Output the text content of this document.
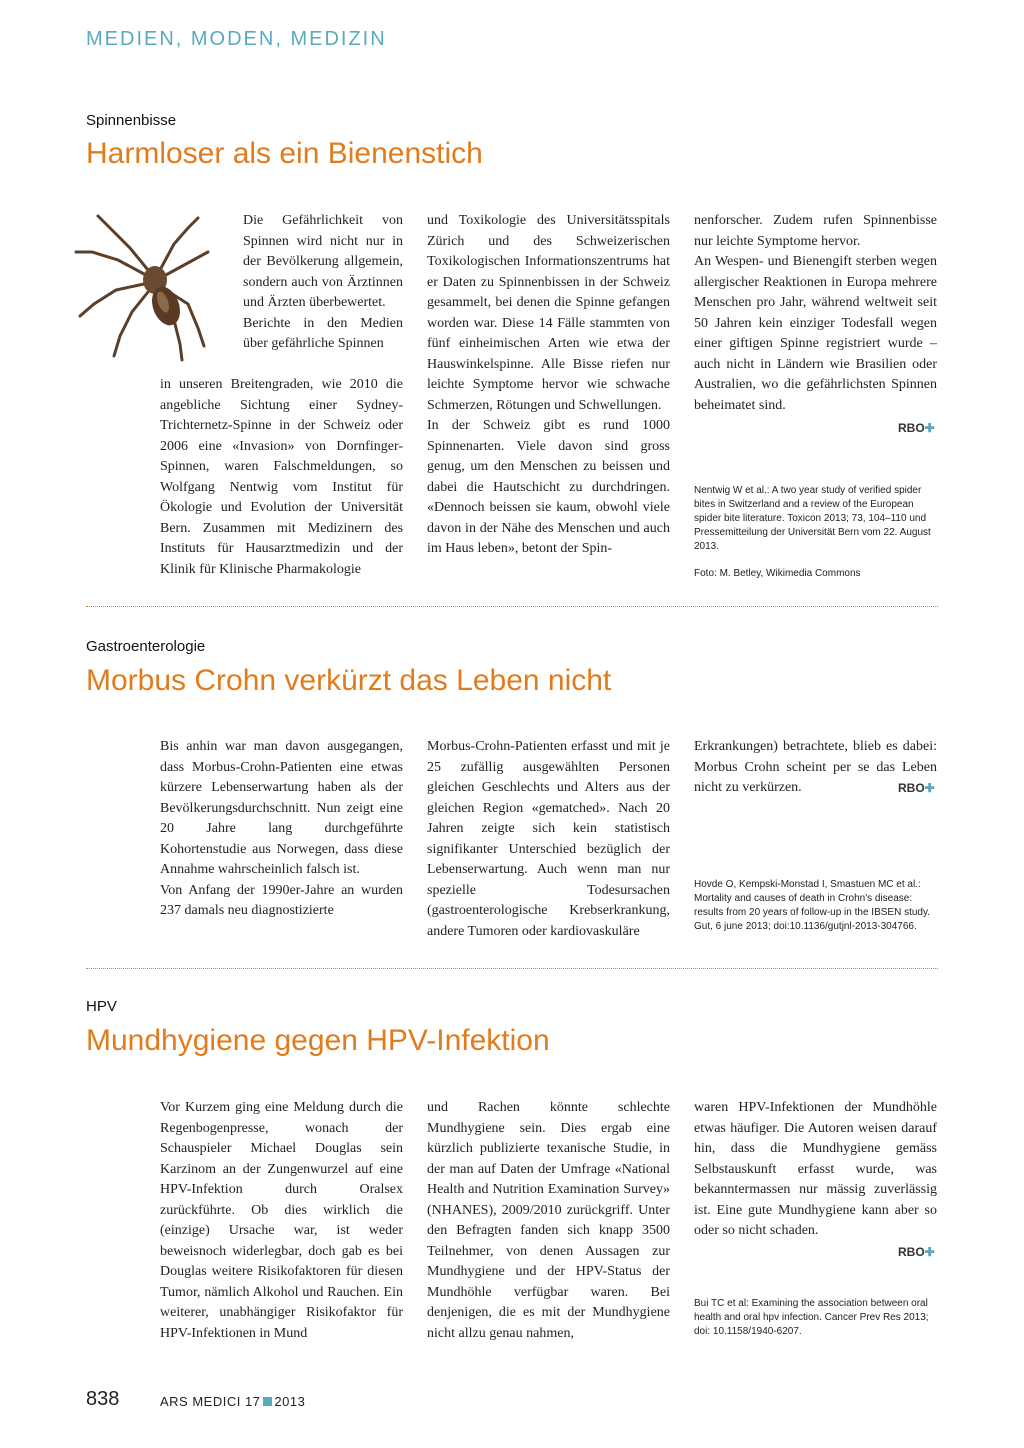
MEDIEN, MODEN, MEDIZIN
Spinnenbisse
Harmloser als ein Bienenstich

Die Gefährlichkeit von Spinnen wird nicht nur in der Bevölkerung allgemein, sondern auch von Ärztinnen und Ärzten überbewertet.

Berichte in den Medien über gefährliche Spinnen

in unseren Breitengraden, wie 2010 die angebliche Sichtung einer Sydney-Trichternetz-Spinne in der Schweiz oder 2006 eine «Invasion» von Dornfinger-Spinnen, waren Falschmeldungen, so Wolfgang Nentwig vom Institut für Ökologie und Evolution der Universität Bern. Zusammen mit Medizinern des Instituts für Hausarztmedizin und der Klinik für Klinische Pharmakologie

und Toxikologie des Universitätsspitals Zürich und des Schweizerischen Toxikologischen Informationszentrums hat er Daten zu Spinnenbissen in der Schweiz gesammelt, bei denen die Spinne gefangen worden war. Diese 14 Fälle stammten von fünf einheimischen Arten wie etwa der Hauswinkelspinne. Alle Bisse riefen nur leichte Symptome hervor wie schwache Schmerzen, Rötungen und Schwellungen.

In der Schweiz gibt es rund 1000 Spinnenarten. Viele davon sind gross genug, um den Menschen zu beissen und dabei die Hautschicht zu durchdringen. «Dennoch beissen sie kaum, obwohl viele davon in der Nähe des Menschen und auch im Haus leben», betont der Spin-

nenforscher. Zudem rufen Spinnenbisse nur leichte Symptome hervor.

An Wespen- und Bienengift sterben wegen allergischer Reaktionen in Europa mehrere Menschen pro Jahr, während weltweit seit 50 Jahren kein einziger Todesfall wegen einer giftigen Spinne registriert wurde – auch nicht in Ländern wie Brasilien oder Australien, wo die gefährlichsten Spinnen beheimatet sind.

RBO✚
Nentwig W et al.: A two year study of verified spider bites in Switzerland and a review of the European spider bite literature. Toxicon 2013; 73, 104–110 und Pressemitteilung der Universität Bern vom 22. August 2013.
Foto: M. Betley, Wikimedia Commons
Gastroenterologie
Morbus Crohn verkürzt das Leben nicht

Bis anhin war man davon ausgegangen, dass Morbus-Crohn-Patienten eine etwas kürzere Lebenserwartung haben als der Bevölkerungsdurchschnitt. Nun zeigt eine 20 Jahre lang durchgeführte Kohortenstudie aus Norwegen, dass diese Annahme wahrscheinlich falsch ist.

Von Anfang der 1990er-Jahre an wurden 237 damals neu diagnostizierte

Morbus-Crohn-Patienten erfasst und mit je 25 zufällig ausgewählten Personen gleichen Geschlechts und Alters aus der gleichen Region «gematched». Nach 20 Jahren zeigte sich kein statistisch signifikanter Unterschied bezüglich der Lebenserwartung. Auch wenn man nur spezielle Todesursachen (gastroenterologische Krebserkrankung, andere Tumoren oder kardiovaskuläre

Erkrankungen) betrachtete, blieb es dabei: Morbus Crohn scheint per se das Leben nicht zu verkürzen.	RBO✚
Hovde O, Kempski-Monstad I, Smastuen MC et al.: Mortality and causes of death in Crohn's disease: results from 20 years of follow-up in the IBSEN study. Gut, 6 june 2013; doi:10.1136/gutjnl-2013-304766.
HPV
Mundhygiene gegen HPV-Infektion

Vor Kurzem ging eine Meldung durch die Regenbogenpresse, wonach der Schauspieler Michael Douglas sein Karzinom an der Zungenwurzel auf eine HPV-Infektion durch Oralsex zurückführte. Ob dies wirklich die (einzige) Ursache war, ist weder beweisnoch widerlegbar, doch gab es bei Douglas weitere Risikofaktoren für diesen Tumor, nämlich Alkohol und Rauchen. Ein weiterer, unabhängiger Risikofaktor für HPV-Infektionen in Mund

und Rachen könnte schlechte Mundhygiene sein. Dies ergab eine kürzlich publizierte texanische Studie, in der man auf Daten der Umfrage «National Health and Nutrition Examination Survey» (NHANES), 2009/2010 zurückgriff. Unter den Befragten fanden sich knapp 3500 Teilnehmer, von denen Aussagen zur Mundhygiene und der HPV-Status der Mundhöhle verfügbar waren. Bei denjenigen, die es mit der Mundhygiene nicht allzu genau nahmen,

waren HPV-Infektionen der Mundhöhle etwas häufiger. Die Autoren weisen darauf hin, dass die Mundhygiene gemäss Selbstauskunft erfasst wurde, was bekanntermassen nur mässig zuverlässig ist. Eine gute Mundhygiene kann aber so oder so nicht schaden.

RBO✚
Bui TC et al: Examining the association between oral health and oral hpv infection. Cancer Prev Res 2013; doi: 10.1158/1940-6207.
838	ARS MEDICI 17 2013
